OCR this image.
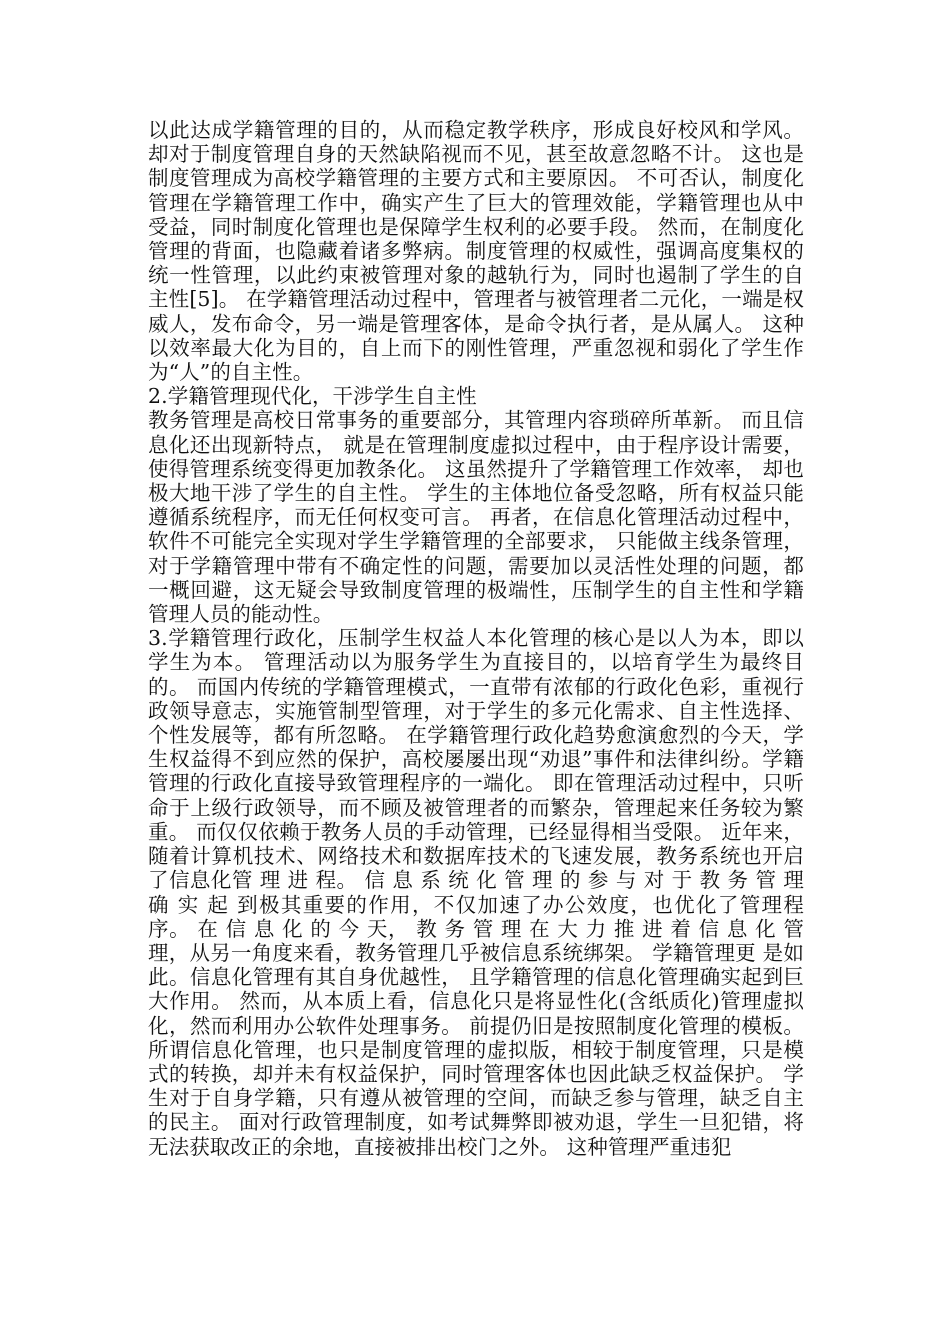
以此达成学籍管理的目的，从而稳定教学秩序，形成良好校风和学风。 却对于制度管理自身的天然缺陷视而不见，甚至故意忽略不计。 这也是制度管理成为高校学籍管理的主要方式和主要原因。 不可否认，制度化管理在学籍管理工作中，确实产生了巨大的管理效能，学籍管理也从中受益，同时制度化管理也是保障学生权利的必要手段。 然而，在制度化管理的背面，也隐藏着诸多弊病。制度管理的权威性，强调高度集权的统一性管理，以此约束被管理对象的越轨行为，同时也遏制了学生的自主性[5]。 在学籍管理活动过程中，管理者与被管理者二元化，一端是权威人，发布命令，另一端是管理客体，是命令执行者，是从属人。 这种以效率最大化为目的，自上而下的刚性管理，严重忽视和弱化了学生作为“人”的自主性。

2.学籍管理现代化，干涉学生自主性

教务管理是高校日常事务的重要部分，其管理内容琐碎所革新。 而且信息化还出现新特点， 就是在管理制度虚拟过程中，由于程序设计需要，使得管理系统变得更加教条化。 这虽然提升了学籍管理工作效率， 却也极大地干涉了学生的自主性。 学生的主体地位备受忽略，所有权益只能遵循系统程序，而无任何权变可言。 再者，在信息化管理活动过程中，软件不可能完全实现对学生学籍管理的全部要求， 只能做主线条管理，对于学籍管理中带有不确定性的问题，需要加以灵活性处理的问题，都一概回避，这无疑会导致制度管理的极端性，压制学生的自主性和学籍管理人员的能动性。

3.学籍管理行政化，压制学生权益人本化管理的核心是以人为本，即以学生为本。 管理活动以为服务学生为直接目的，以培育学生为最终目的。 而国内传统的学籍管理模式，一直带有浓郁的行政化色彩，重视行政领导意志，实施管制型管理，对于学生的多元化需求、自主性选择、个性发展等，都有所忽略。 在学籍管理行政化趋势愈演愈烈的今天，学生权益得不到应然的保护，高校屡屡出现“劝退”事件和法律纠纷。学籍管理的行政化直接导致管理程序的一端化。 即在管理活动过程中，只听命于上级行政领导，而不顾及被管理者的而繁杂，管理起来任务较为繁重。 而仅仅依赖于教务人员的手动管理，已经显得相当受限。 近年来，随着计算机技术、网络技术和数据库技术的飞速发展，教务系统也开启了信息化管 理 进 程。 信 息 系 统 化 管 理 的 参 与 对 于 教 务 管 理 确 实 起 到极其重要的作用，不仅加速了办公效度，也优化了管理程序。 在 信 息 化 的 今 天， 教 务 管 理 在 大 力 推 进 着 信 息 化 管 理，从另一角度来看，教务管理几乎被信息系统绑架。 学籍管理更 是如 此。信息化管理有其自身优越性， 且学籍管理的信息化管理确实起到巨大作用。 然而，从本质上看，信息化只是将显性化(含纸质化)管理虚拟化，然而利用办公软件处理事务。 前提仍旧是按照制度化管理的模板。 所谓信息化管理，也只是制度管理的虚拟版，相较于制度管理，只是模式的转换，却并未有权益保护，同时管理客体也因此缺乏权益保护。 学生对于自身学籍，只有遵从被管理的空间，而缺乏参与管理，缺乏自主的民主。 面对行政管理制度，如考试舞弊即被劝退，学生一旦犯错，将无法获取改正的余地，直接被排出校门之外。 这种管理严重违犯
